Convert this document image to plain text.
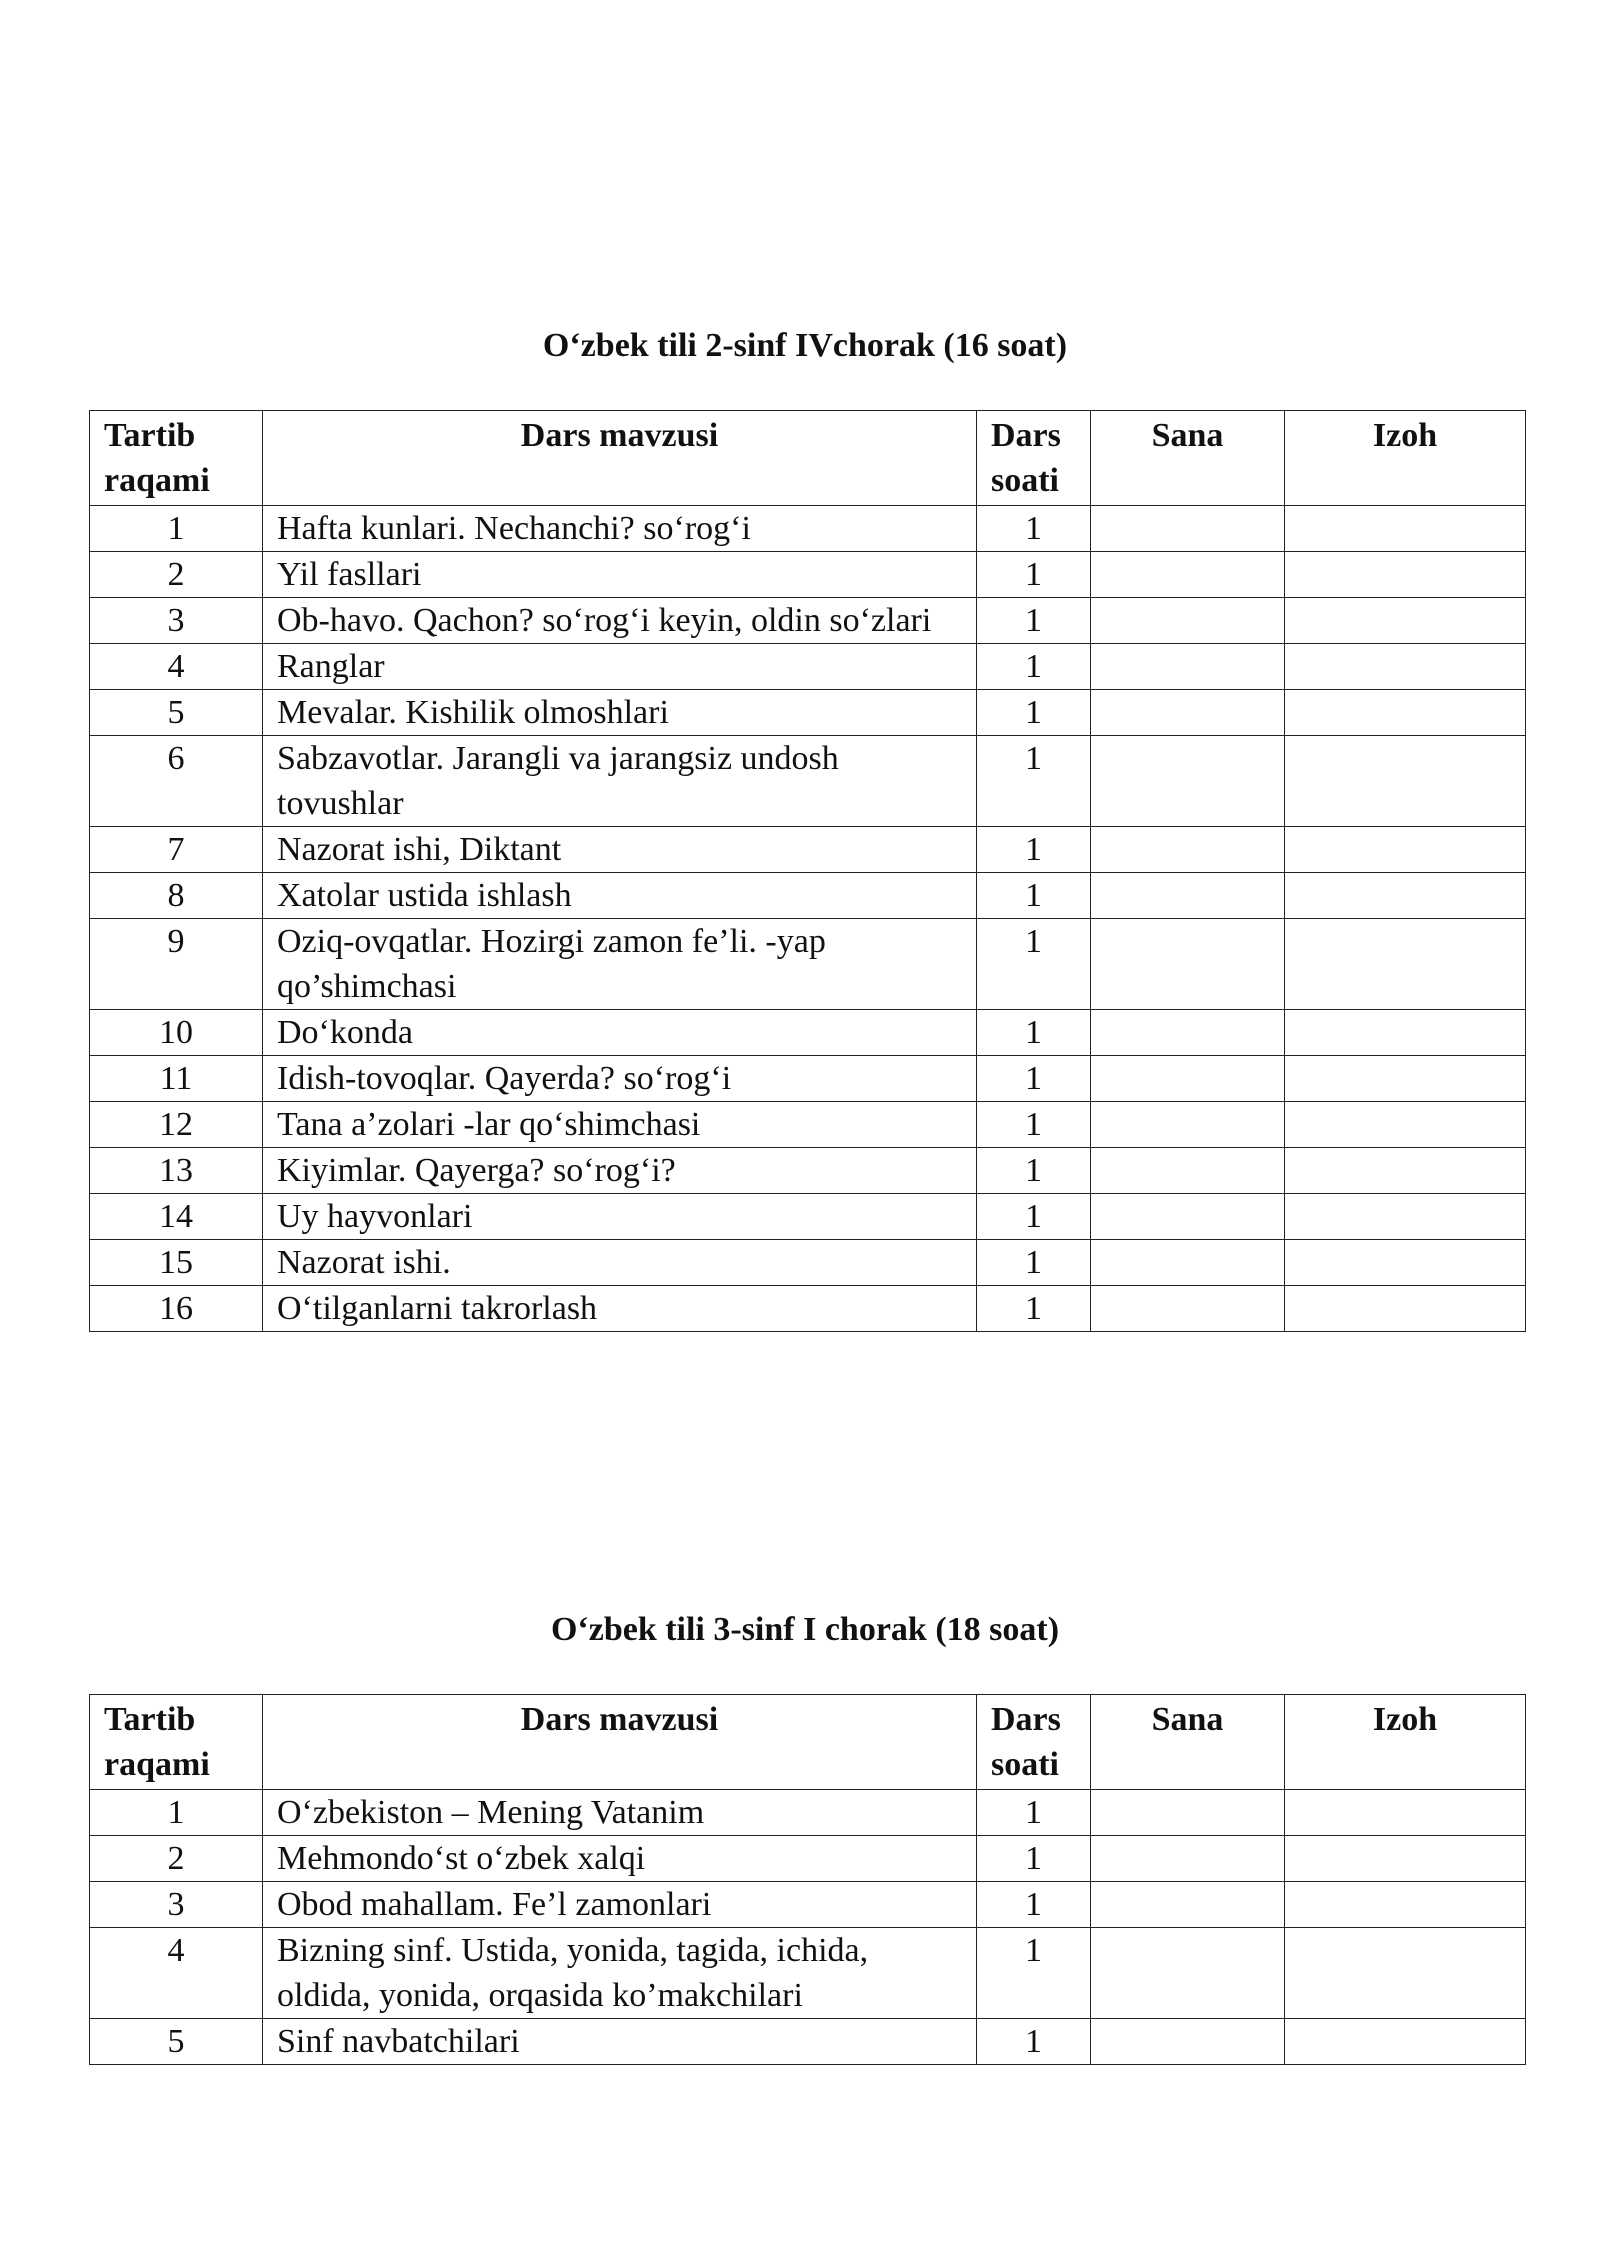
O‘zbek tili 2-sinf IVchorak (16 soat)
Tartib raqami	Dars mavzusi	Dars soati	Sana	Izoh
1	Hafta kunlari. Nechanchi? so‘rog‘i	1		
2	Yil fasllari	1		
3	Ob-havo. Qachon? so‘rog‘i keyin, oldin so‘zlari	1		
4	Ranglar	1		
5	Mevalar. Kishilik olmoshlari	1		
6	Sabzavotlar. Jarangli va jarangsiz undosh tovushlar	1		
7	Nazorat ishi, Diktant	1		
8	Xatolar ustida ishlash	1		
9	Oziq-ovqatlar. Hozirgi zamon fe’li. -yap qo’shimchasi	1		
10	Do‘konda	1		
11	Idish-tovoqlar. Qayerda? so‘rog‘i	1		
12	Tana a’zolari -lar qo‘shimchasi	1		
13	Kiyimlar. Qayerga? so‘rog‘i?	1		
14	Uy hayvonlari	1		
15	Nazorat ishi.	1		
16	O‘tilganlarni takrorlash	1		
O‘zbek tili 3-sinf I chorak (18 soat)
Tartib raqami	Dars mavzusi	Dars soati	Sana	Izoh
1	O‘zbekiston – Mening Vatanim	1		
2	Mehmondo‘st o‘zbek xalqi	1		
3	Obod mahallam. Fe’l zamonlari	1		
4	Bizning sinf. Ustida, yonida, tagida, ichida, oldida, yonida, orqasida ko’makchilari	1		
5	Sinf navbatchilari	1		
